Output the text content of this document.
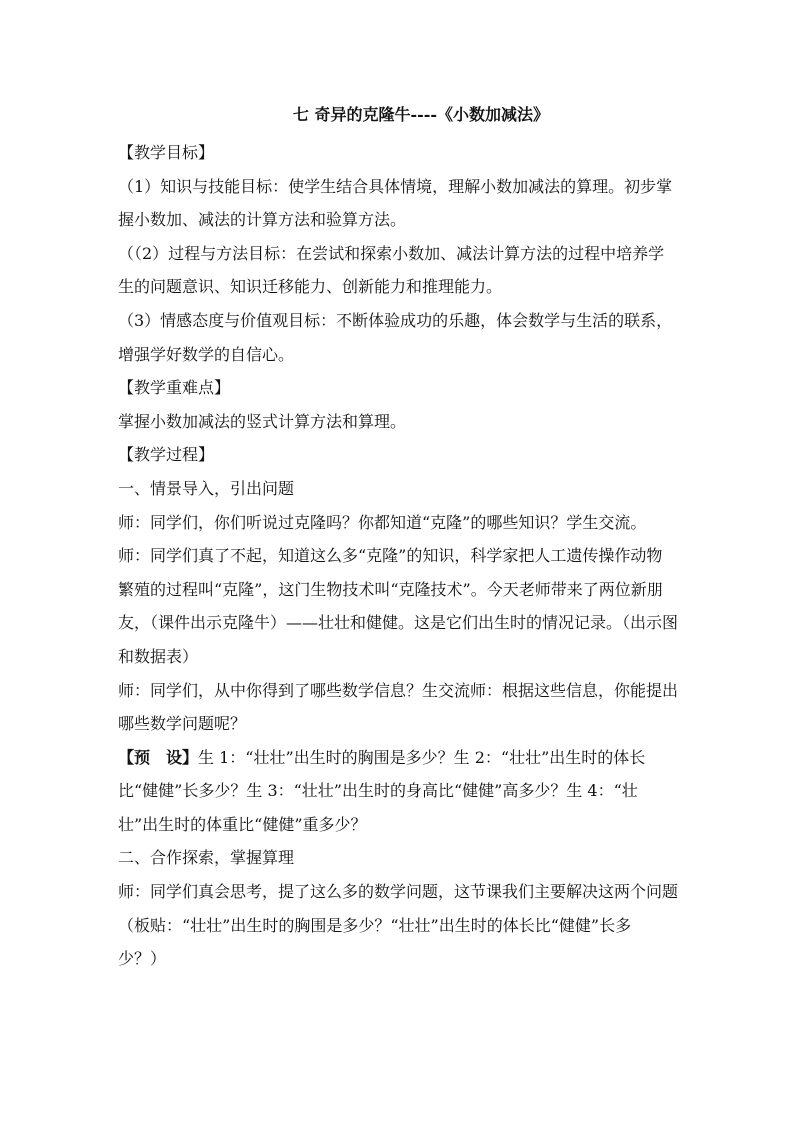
七 奇异的克隆牛----《小数加减法》

【教学目标】

（1）知识与技能目标：使学生结合具体情境，理解小数加减法的算理。初步掌
握小数加、减法的计算方法和验算方法。

（（2）过程与方法目标：在尝试和探索小数加、减法计算方法的过程中培养学
生的问题意识、知识迁移能力、创新能力和推理能力。

（3）情感态度与价值观目标：不断体验成功的乐趣，体会数学与生活的联系，
增强学好数学的自信心。

【教学重难点】

掌握小数加减法的竖式计算方法和算理。

【教学过程】

一、情景导入，引出问题

师：同学们，你们听说过克隆吗？你都知道“克隆”的哪些知识？学生交流。

师：同学们真了不起，知道这么多“克隆”的知识，科学家把人工遗传操作动物
繁殖的过程叫“克隆”，这门生物技术叫“克隆技术”。今天老师带来了两位新朋
友，（课件出示克隆牛）——壮壮和健健。这是它们出生时的情况记录。（出示图
和数据表）

师：同学们，从中你得到了哪些数学信息？生交流师：根据这些信息，你能提出
哪些数学问题呢？

【预　设】生 1：“壮壮”出生时的胸围是多少？生 2：“壮壮”出生时的体长
比“健健”长多少？生 3：“壮壮”出生时的身高比“健健”高多少？生 4：“壮
壮”出生时的体重比“健健”重多少？

二、合作探索，掌握算理

师：同学们真会思考，提了这么多的数学问题，这节课我们主要解决这两个问题
（板贴：“壮壮”出生时的胸围是多少？“壮壮”出生时的体长比“健健”长多
少？）
